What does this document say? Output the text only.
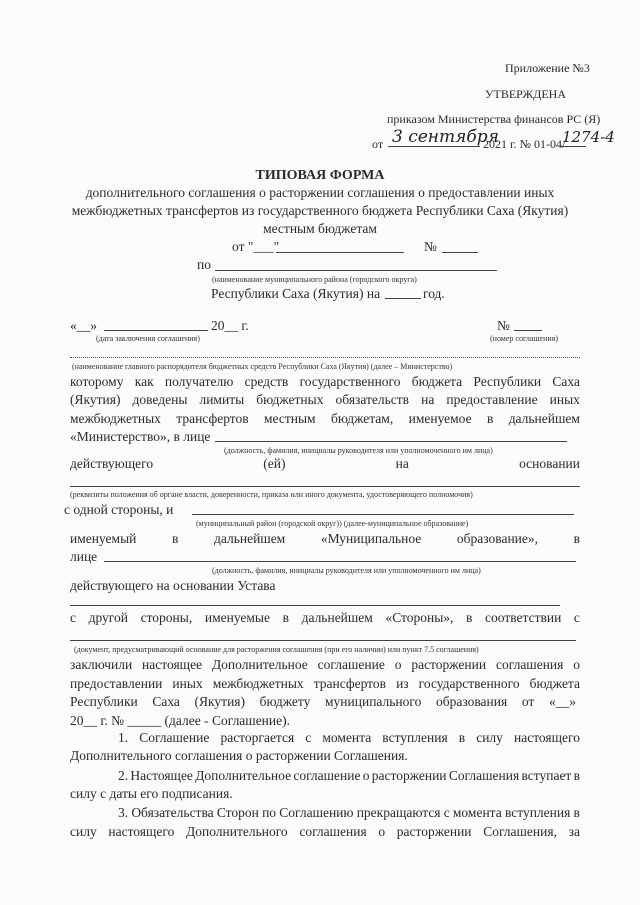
Приложение №3
УТВЕРЖДЕНА
приказом Министерства финансов РС (Я)
от 3 сентября
2021 г. № 01-04/
1274-4
ТИПОВАЯ ФОРМА
дополнительного соглашения о расторжении соглашения о предоставлении иных
межбюджетных трансфертов из государственного бюджета Республики Саха (Якутия)
местным бюджетам
от "___"	№
по
(наименование муниципального района (городского округа)
Республики Саха (Якутия) на	год.
«__»	20__ г.	№
(дата заключения соглашения)	(номер соглашения)
(наименование главного распорядителя бюджетных средств Республики Саха (Якутия) (далее – Министерство)
которому как получателю средств государственного бюджета Республики Саха
(Якутия) доведены лимиты бюджетных обязательств на предоставление иных
межбюджетных трансфертов местным бюджетам, именуемое в дальнейшем
«Министерство», в лице
(должность, фамилия, инициалы руководителя или уполномоченного им лица)
действующего	(ей)	на	основании
(реквизиты положения об органе власти, доверенности, приказа или иного документа, удостоверяющего полномочия)
с одной стороны, и
(муниципальный район (городской округ)) (далее-муниципальное образование)
именуемый	в	дальнейшем	«Муниципальное	образование»,	в
лице
(должность, фамилия, инициалы руководителя или уполномоченного им лица)
действующего на основании Устава
с другой стороны, именуемые в дальнейшем «Стороны», в соответствии с
(документ, предусматривающий основание для расторжения соглашения (при его наличии) или пункт 7.5 соглашения)
заключили настоящее Дополнительное соглашение о расторжении соглашения о
предоставлении иных межбюджетных трансфертов из государственного бюджета
Республики Саха (Якутия) бюджету муниципального образования от «__»
20__ г. № _____ (далее - Соглашение).
1. Соглашение расторгается с момента вступления в силу настоящего
Дополнительного соглашения о расторжении Соглашения.
2. Настоящее Дополнительное соглашение о расторжении Соглашения вступает в
силу с даты его подписания.
3. Обязательства Сторон по Соглашению прекращаются с момента вступления в
силу настоящего Дополнительного соглашения о расторжении Соглашения, за
